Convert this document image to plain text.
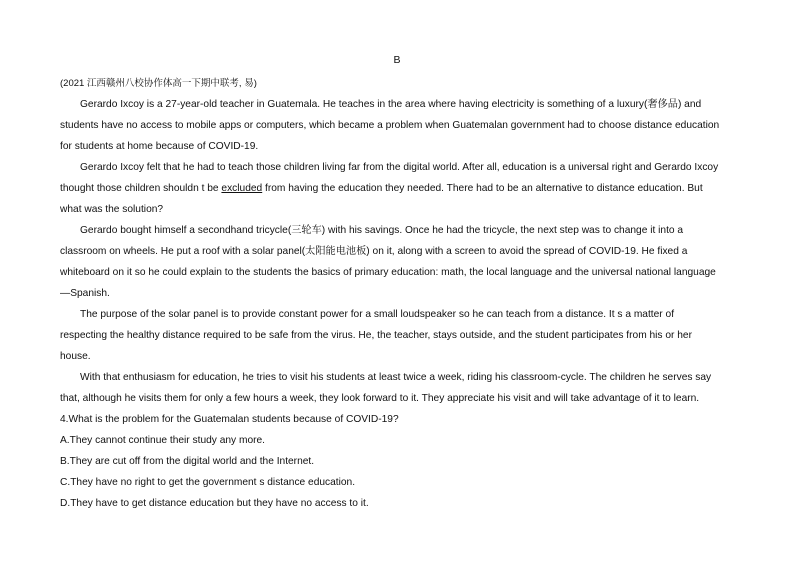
B

(2021 江西赣州八校协作体高一下期中联考, 易)

Gerardo Ixcoy is a 27-year-old teacher in Guatemala. He teaches in the area where having electricity is something of a luxury(奢侈品) and students have no access to mobile apps or computers, which became a problem when Guatemalan government had to choose distance education for students at home because of COVID-19.

Gerardo Ixcoy felt that he had to teach those children living far from the digital world. After all, education is a universal right and Gerardo Ixcoy thought those children shouldn t be excluded from having the education they needed. There had to be an alternative to distance education. But what was the solution?

Gerardo bought himself a secondhand tricycle(三轮车) with his savings. Once he had the tricycle, the next step was to change it into a classroom on wheels. He put a roof with a solar panel(太阳能电池板) on it, along with a screen to avoid the spread of COVID-19. He fixed a whiteboard on it so he could explain to the students the basics of primary education: math, the local language and the universal national language—Spanish.

The purpose of the solar panel is to provide constant power for a small loudspeaker so he can teach from a distance. It s a matter of respecting the healthy distance required to be safe from the virus. He, the teacher, stays outside, and the student participates from his or her house.

With that enthusiasm for education, he tries to visit his students at least twice a week, riding his classroom-cycle. The children he serves say that, although he visits them for only a few hours a week, they look forward to it. They appreciate his visit and will take advantage of it to learn.

4.What is the problem for the Guatemalan students because of COVID-19?

A.They cannot continue their study any more.

B.They are cut off from the digital world and the Internet.

C.They have no right to get the government s distance education.

D.They have to get distance education but they have no access to it.
